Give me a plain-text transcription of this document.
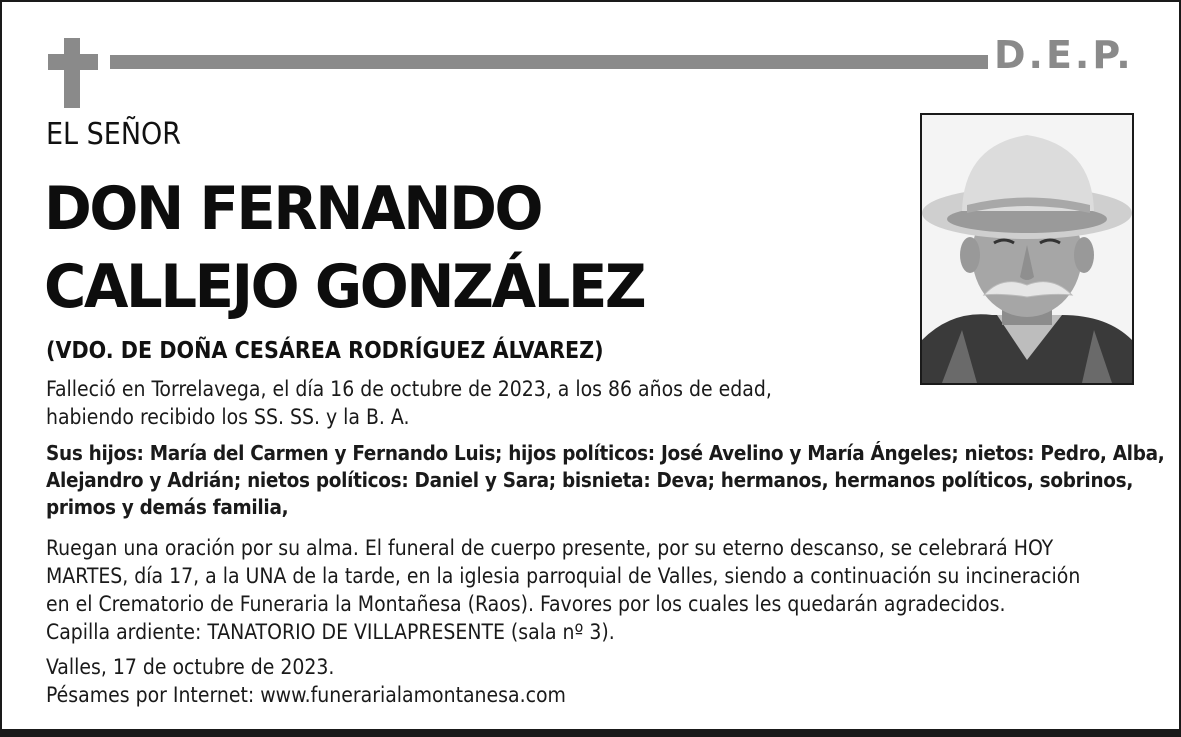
D.E.P.
EL SEÑOR
DON FERNANDO
CALLEJO GONZÁLEZ
(VDO. DE DOÑA CESÁREA RODRÍGUEZ ÁLVAREZ)
Falleció en Torrelavega, el día 16 de octubre de 2023, a los 86 años de edad,
habiendo recibido los SS. SS. y la B. A.
Sus hijos: María del Carmen y Fernando Luis; hijos políticos: José Avelino y María Ángeles; nietos: Pedro, Alba,
Alejandro y Adrián; nietos políticos: Daniel y Sara; bisnieta: Deva; hermanos, hermanos políticos, sobrinos,
primos y demás familia,
Ruegan una oración por su alma. El funeral de cuerpo presente, por su eterno descanso, se celebrará HOY
MARTES, día 17, a la UNA de la tarde, en la iglesia parroquial de Valles, siendo a continuación su incineración
en el Crematorio de Funeraria la Montañesa (Raos). Favores por los cuales les quedarán agradecidos.
Capilla ardiente: TANATORIO DE VILLAPRESENTE (sala nº 3).
Valles, 17 de octubre de 2023.
Pésames por Internet: www.funerarialamontanesa.com
